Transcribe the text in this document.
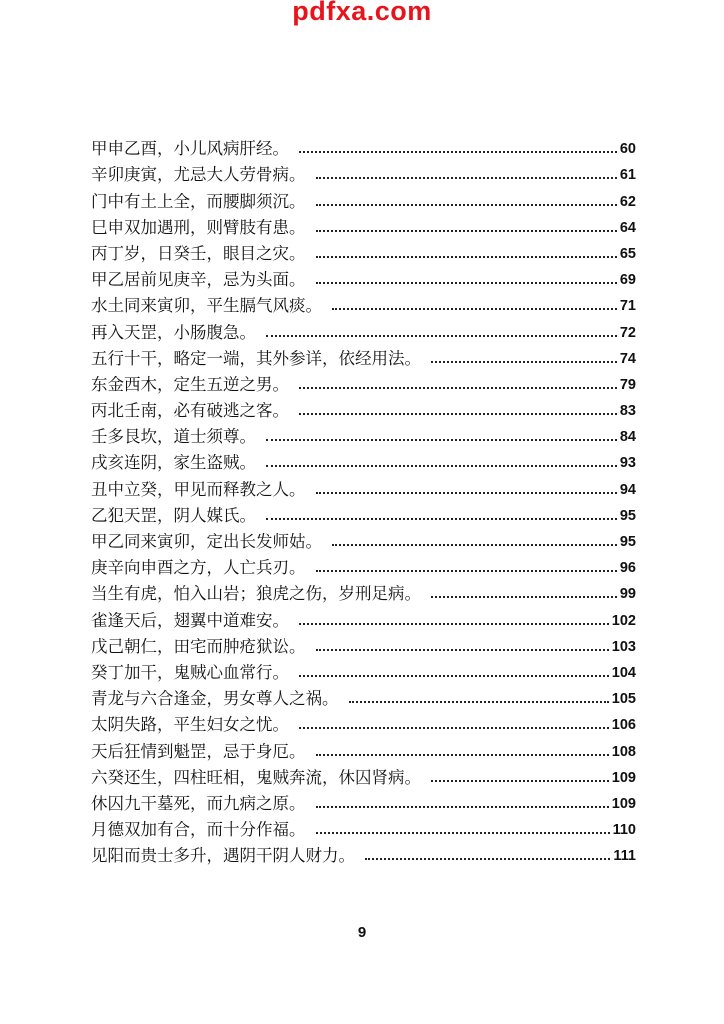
pdfxa.com
甲申乙酉，小儿风病肝经。	60
辛卯庚寅，尤忌大人劳骨病。	61
门中有土上全，而腰脚须沉。	62
巳申双加遇刑，则臂肢有患。	64
丙丁岁，日癸壬，眼目之灾。	65
甲乙居前见庚辛，忌为头面。	69
水土同来寅卯，平生膈气风痰。	71
再入天罡，小肠腹急。	72
五行十干，略定一端，其外参详，依经用法。	74
东金西木，定生五逆之男。	79
丙北壬南，必有破逃之客。	83
壬多艮坎，道士须尊。	84
戌亥连阴，家生盗贼。	93
丑中立癸，甲见而释教之人。	94
乙犯天罡，阴人媒氏。	95
甲乙同来寅卯，定出长发师姑。	95
庚辛向申酉之方，人亡兵刃。	96
当生有虎，怕入山岩；狼虎之伤，岁刑足病。	99
雀逢天后，翅翼中道难安。	102
戊己朝仁，田宅而肿疮狱讼。	103
癸丁加干，鬼贼心血常行。	104
青龙与六合逢金，男女尊人之祸。	105
太阴失路，平生妇女之忧。	106
天后狂情到魁罡，忌于身厄。	108
六癸还生，四柱旺相，鬼贼奔流，休囚肾病。	109
休囚九干墓死，而九病之原。	109
月德双加有合，而十分作福。	110
见阳而贵士多升，遇阴干阴人财力。	111
9
